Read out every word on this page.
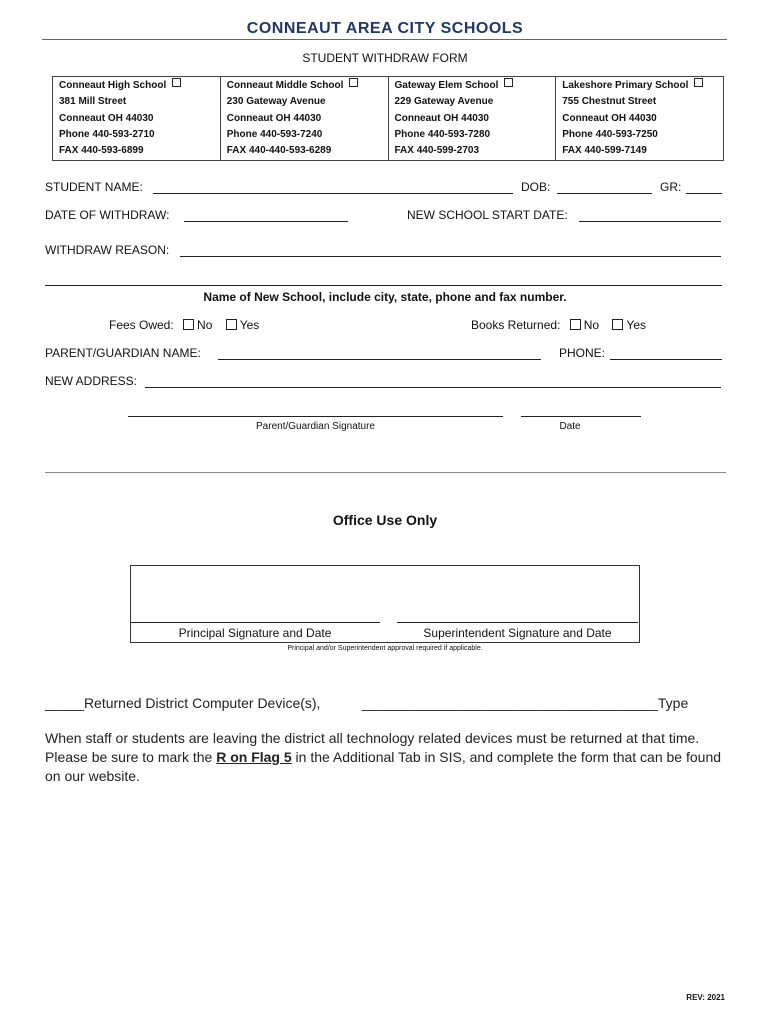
CONNEAUT AREA CITY SCHOOLS
STUDENT WITHDRAW FORM
Conneaut High School
381 Mill Street
Conneaut OH 44030
Phone 440-593-2710
FAX 440-593-6899

Conneaut Middle School
230 Gateway Avenue
Conneaut OH 44030
Phone 440-593-7240
FAX 440-440-593-6289

Gateway Elem School
229 Gateway Avenue
Conneaut OH 44030
Phone 440-593-7280
FAX 440-599-2703

Lakeshore Primary School
755 Chestnut Street
Conneaut OH 44030
Phone 440-593-7250
FAX 440-599-7149
STUDENT NAME:	DOB:	GR:
DATE OF WITHDRAW:	NEW SCHOOL START DATE:
WITHDRAW REASON:
Name of New School, include city, state, phone and fax number.
Fees Owed: No Yes	Books Returned: No Yes
PARENT/GUARDIAN NAME:	PHONE:
NEW ADDRESS:
Parent/Guardian Signature	Date
Office Use Only
Principal Signature and Date	Superintendent Signature and Date
Principal and/or Superintendent approval required if applicable.
_____Returned District Computer Device(s),	______________________________________Type
When staff or students are leaving the district all technology related devices must be returned at that time. Please be sure to mark the R on Flag 5 in the Additional Tab in SIS, and complete the form that can be found on our website.
REV: 2021
